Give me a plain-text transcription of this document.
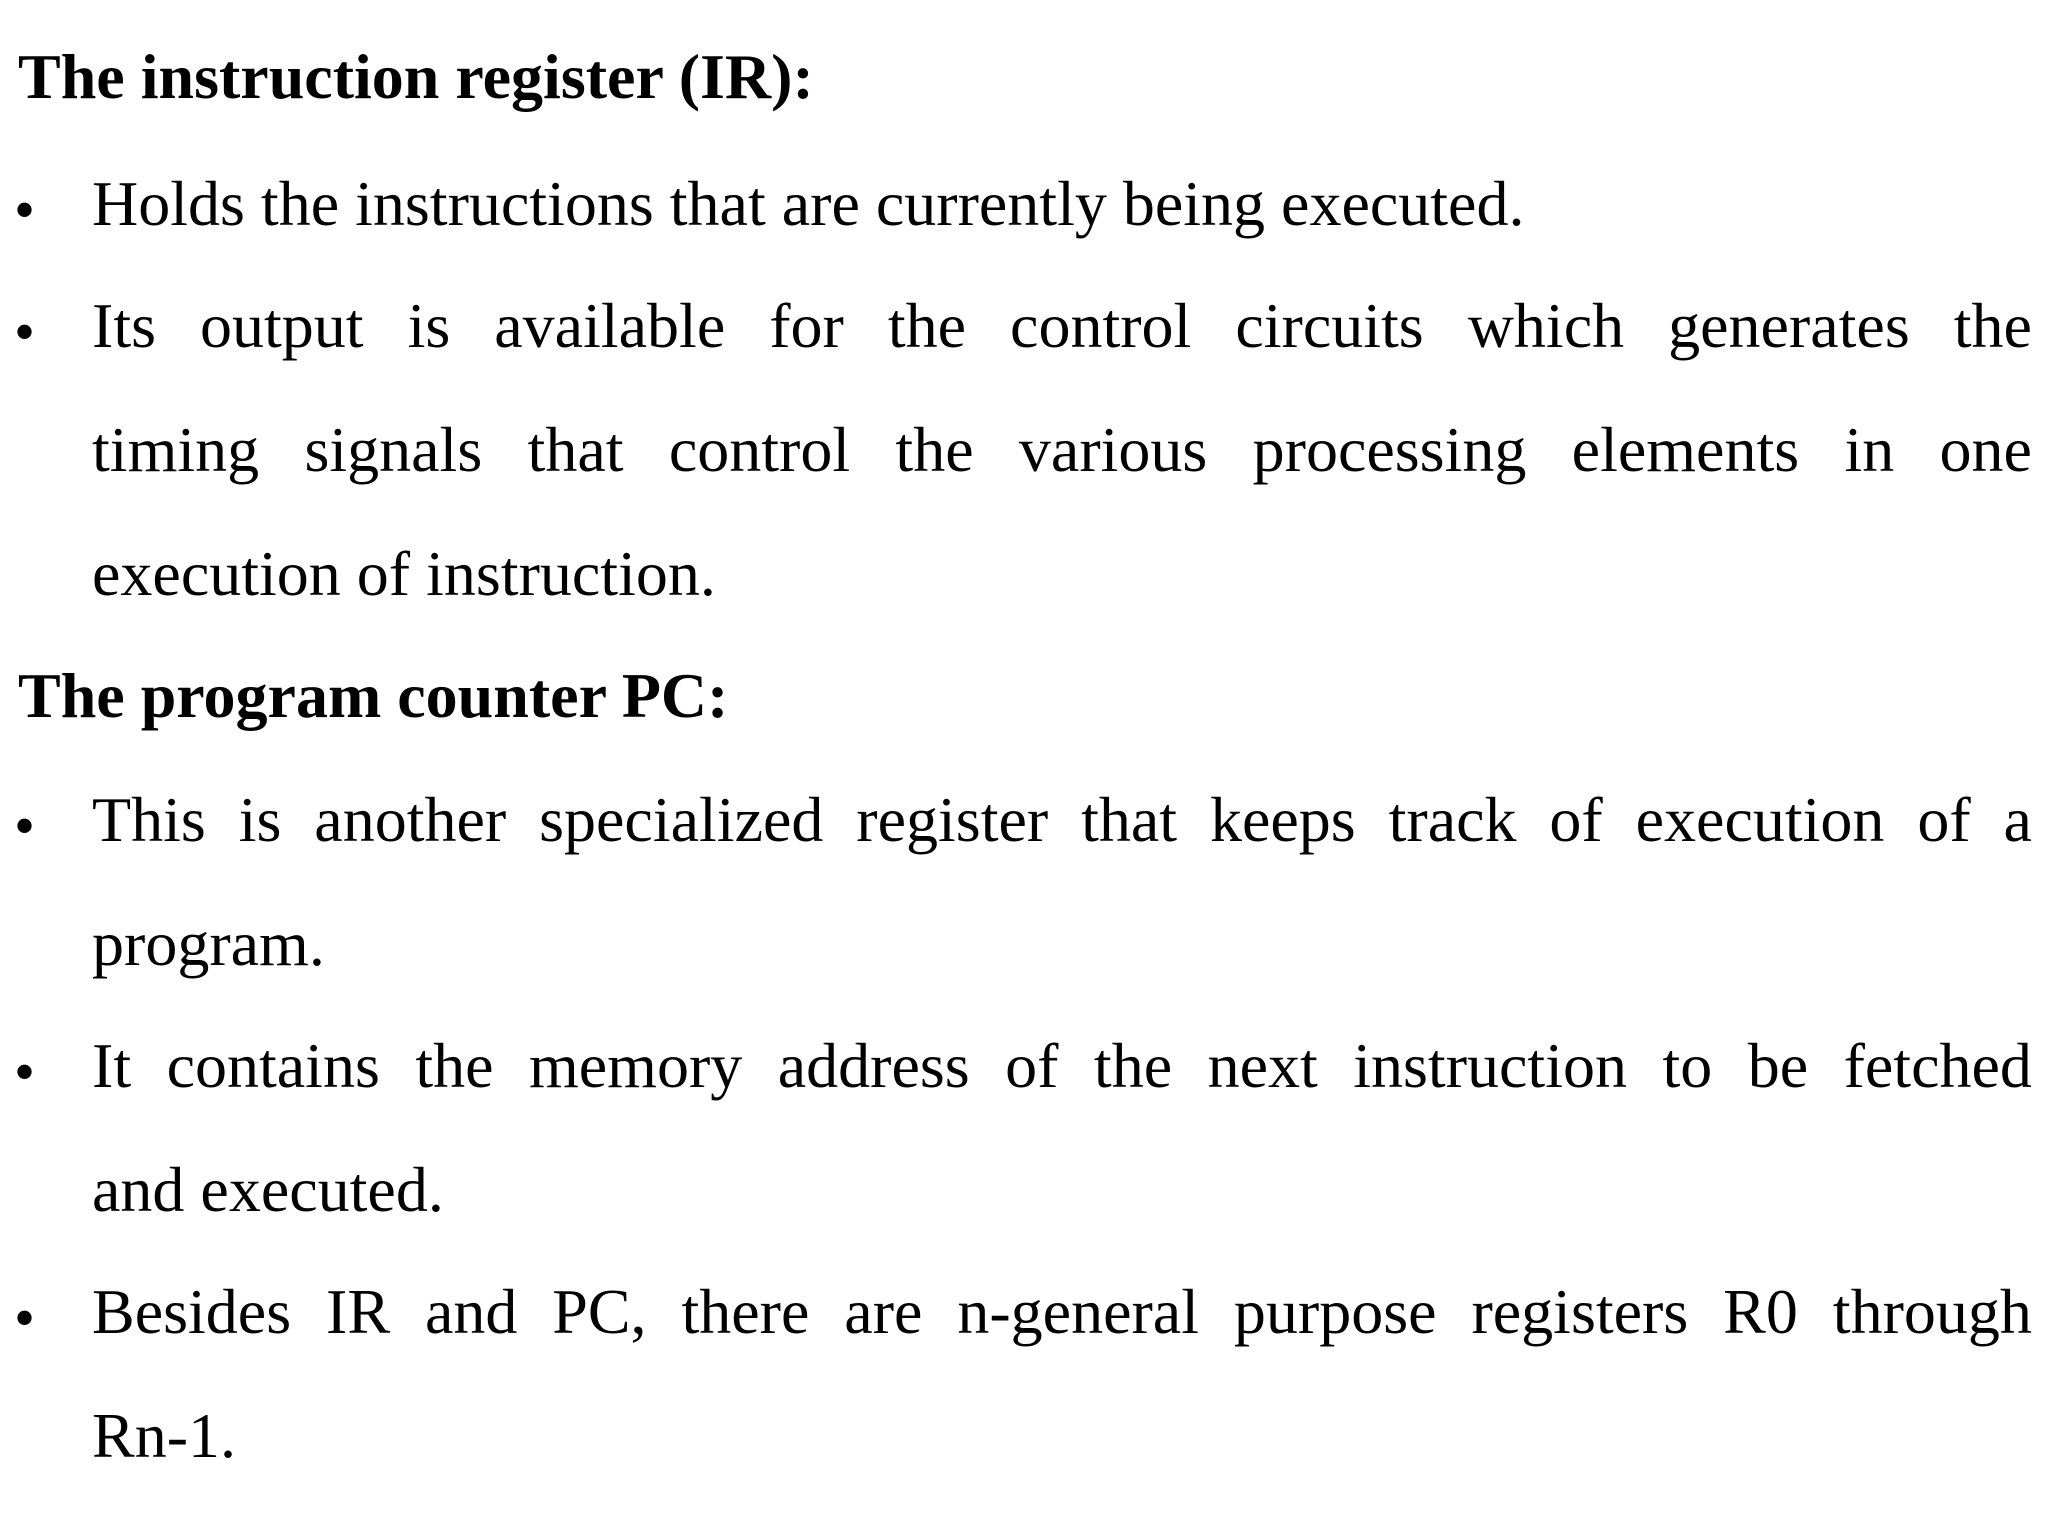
The instruction register (IR):
• Holds the instructions that are currently being executed.
• Its output is available for the control circuits which generates the
timing signals that control the various processing elements in one
execution of instruction.
The program counter PC:
• This is another specialized register that keeps track of execution of a
program.
• It contains the memory address of the next instruction to be fetched
and executed.
• Besides IR and PC, there are n-general purpose registers R0 through
Rn-1.
